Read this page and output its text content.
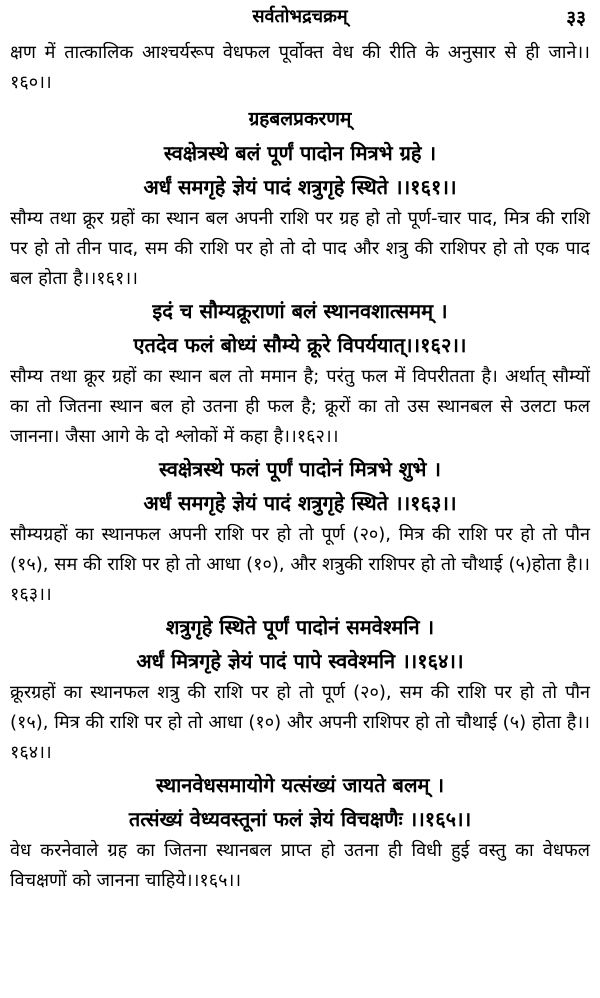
सर्वतोभद्रचक्रम्	३३

क्षण में तात्कालिक आश्चर्यरूप वेधफल पूर्वोक्त वेध की रीति के अनुसार से ही जाने।।१६०।।

ग्रहबलप्रकरणम्

स्वक्षेत्रस्थे बलं पूर्णं पादोन मित्रभे ग्रहे ।

अर्धं समगृहे ज्ञेयं पादं शत्रुगृहे स्थिते ।।१६१।।

सौम्य तथा क्रूर ग्रहों का स्थान बल अपनी राशि पर ग्रह हो तो पूर्ण-चार पाद, मित्र की राशि पर हो तो तीन पाद, सम की राशि पर हो तो दो पाद और शत्रु की राशिपर हो तो एक पाद बल होता है।।१६१।।

इदं च सौम्यक्रूराणां बलं स्थानवशात्समम् ।

एतदेव फलं बोध्यं सौम्ये क्रूरे विपर्ययात्।।१६२।।

सौम्य तथा क्रूर ग्रहों का स्थान बल तो ममान है; परंतु फल में विपरीतता है। अर्थात् सौम्यों का तो जितना स्थान बल हो उतना ही फल है; क्रूरों का तो उस स्थानबल से उलटा फल जानना। जैसा आगे के दो श्लोकों में कहा है।।१६२।।

स्वक्षेत्रस्थे फलं पूर्णं पादोनं मित्रभे शुभे ।

अर्धं समगृहे ज्ञेयं पादं शत्रुगृहे स्थिते ।।१६३।।

सौम्यग्रहों का स्थानफल अपनी राशि पर हो तो पूर्ण (२०), मित्र की राशि पर हो तो पौन (१५), सम की राशि पर हो तो आधा (१०), और शत्रुकी राशिपर हो तो चौथाई (५)होता है।।१६३।।

शत्रुगृहे स्थिते पूर्णं पादोनं समवेश्मनि ।

अर्धं मित्रगृहे ज्ञेयं पादं पापे स्ववेश्मनि ।।१६४।।

क्रूरग्रहों का स्थानफल शत्रु की राशि पर हो तो पूर्ण (२०), सम की राशि पर हो तो पौन (१५), मित्र की राशि पर हो तो आधा (१०) और अपनी राशिपर हो तो चौथाई (५) होता है।।१६४।।

स्थानवेधसमायोगे यत्संख्यं जायते बलम् ।

तत्संख्यं वेध्यवस्तूनां फलं ज्ञेयं विचक्षणैः ।।१६५।।

वेध करनेवाले ग्रह का जितना स्थानबल प्राप्त हो उतना ही विधी हुई वस्तु का वेधफल विचक्षणों को जानना चाहिये।।१६५।।
